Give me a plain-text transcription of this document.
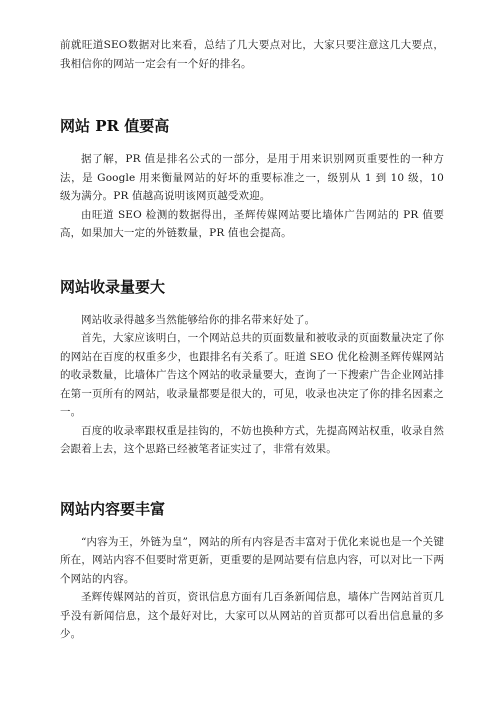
前就旺道SEO数据对比来看，总结了几大要点对比，大家只要注意这几大要点，我相信你的网站一定会有一个好的排名。

网站 PR 值要高

据了解，PR 值是排名公式的一部分，是用于用来识别网页重要性的一种方法，是 Google 用来衡量网站的好坏的重要标准之一，级别从 1 到 10 级，10 级为满分。PR 值越高说明该网页越受欢迎。

由旺道 SEO 检测的数据得出，圣辉传媒网站要比墙体广告网站的 PR 值要高，如果加大一定的外链数量，PR 值也会提高。

网站收录量要大

网站收录得越多当然能够给你的排名带来好处了。

首先，大家应该明白，一个网站总共的页面数量和被收录的页面数量决定了你的网站在百度的权重多少，也跟排名有关系了。旺道 SEO 优化检测圣辉传媒网站的收录数量，比墙体广告这个网站的收录量要大，查询了一下搜索广告企业网站排在第一页所有的网站，收录量都要是很大的，可见，收录也决定了你的排名因素之一。

百度的收录率跟权重是挂钩的，不妨也换种方式，先提高网站权重，收录自然会跟着上去，这个思路已经被笔者证实过了，非常有效果。

网站内容要丰富

“内容为王，外链为皇”，网站的所有内容是否丰富对于优化来说也是一个关键所在，网站内容不但要时常更新，更重要的是网站要有信息内容，可以对比一下两个网站的内容。

圣辉传媒网站的首页，资讯信息方面有几百条新闻信息，墙体广告网站首页几乎没有新闻信息，这个最好对比，大家可以从网站的首页都可以看出信息量的多少。
